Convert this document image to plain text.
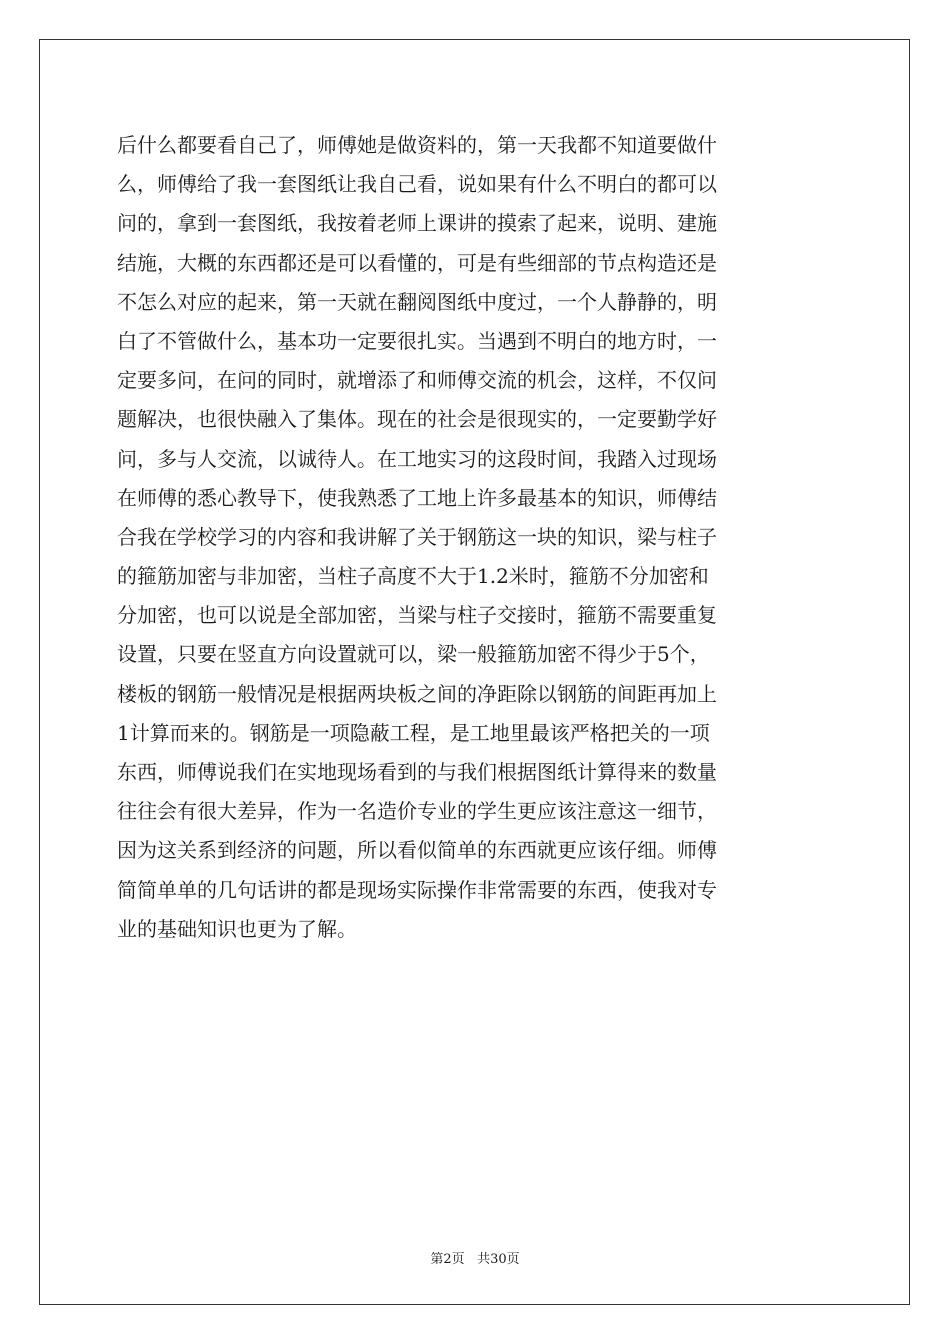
后什么都要看自己了，师傅她是做资料的，第一天我都不知道要做什
么，师傅给了我一套图纸让我自己看，说如果有什么不明白的都可以
问的，拿到一套图纸，我按着老师上课讲的摸索了起来，说明、建施
结施，大概的东西都还是可以看懂的，可是有些细部的节点构造还是
不怎么对应的起来，第一天就在翻阅图纸中度过，一个人静静的，明
白了不管做什么，基本功一定要很扎实。当遇到不明白的地方时，一
定要多问，在问的同时，就增添了和师傅交流的机会，这样，不仅问
题解决，也很快融入了集体。现在的社会是很现实的，一定要勤学好
问，多与人交流，以诚待人。在工地实习的这段时间，我踏入过现场
在师傅的悉心教导下，使我熟悉了工地上许多最基本的知识，师傅结
合我在学校学习的内容和我讲解了关于钢筋这一块的知识，梁与柱子
的箍筋加密与非加密，当柱子高度不大于1.2米时，箍筋不分加密和
分加密，也可以说是全部加密，当梁与柱子交接时，箍筋不需要重复
设置，只要在竖直方向设置就可以，梁一般箍筋加密不得少于5个，
楼板的钢筋一般情况是根据两块板之间的净距除以钢筋的间距再加上
1计算而来的。钢筋是一项隐蔽工程，是工地里最该严格把关的一项
东西，师傅说我们在实地现场看到的与我们根据图纸计算得来的数量
往往会有很大差异，作为一名造价专业的学生更应该注意这一细节，
因为这关系到经济的问题，所以看似简单的东西就更应该仔细。师傅
简简单单的几句话讲的都是现场实际操作非常需要的东西，使我对专
业的基础知识也更为了解。
第2页 共30页
